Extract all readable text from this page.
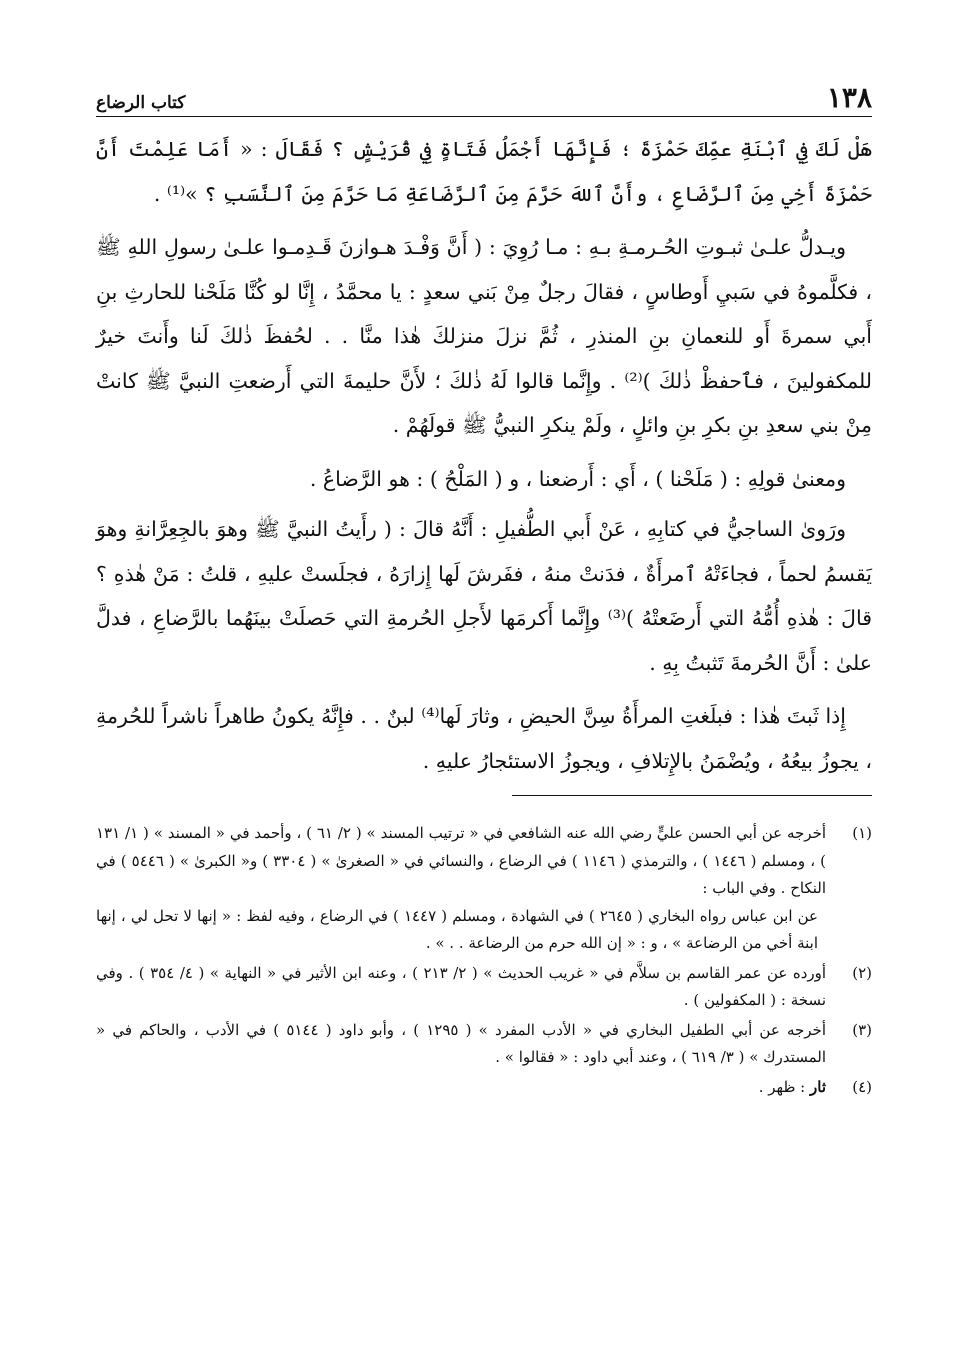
١٣٨
كتاب الرضاع

هَلْ لَكَ فِي ٱبْنَةِ عمِّكَ حَمْزَةَ ؛ فَإِنَّهَا أَجْمَلُ فَتَاةٍ فِي قُرَيْشٍ ؟ فَقَالَ : « أَمَا عَلِمْتَ أَنَّ حَمْزَةَ أَخِي مِنَ ٱلرَّضَاعِ ، وأَنَّ ٱللهَ حَرَّمَ مِنَ ٱلرَّضَاعَةِ مَا حَرَّمَ مِنَ ٱلنَّسَبِ ؟ »⁽¹⁾ .

ويـدلُّ علـىٰ ثبـوتِ الحُـرمـةِ بـهِ : مـا رُوِيَ : ( أَنَّ وَفْـدَ هـوازنَ قَـدِمـوا علـىٰ رسولِ اللهِ ﷺ ، فكلَّموهُ في سَبيِ أَوطاسٍ ، فقالَ رجلٌ مِنْ بَني سعدٍ : يا محمَّدُ ، إِنَّا لو كُنَّا مَلَحْنا للحارثِ بنِ أَبي سمرةَ أَو للنعمانِ بنِ المنذرِ ، ثُمَّ نزلَ منزلكَ هٰذا منَّا . . لحُفظَ ذٰلكَ لَنا وأَنتَ خيرٌ للمكفولينَ ، فٱحفظْ ذٰلكَ )⁽²⁾ . وإِنَّما قالوا لَهُ ذٰلكَ ؛ لأَنَّ حليمةَ التي أَرضعتِ النبيَّ ﷺ كانتْ مِنْ بني سعدِ بنِ بكرِ بنِ وائلٍ ، ولَمْ ينكرِ النبيُّ ﷺ قولَهُمْ .

ومعنىٰ قولِهِ : ( مَلَحْنا ) ، أَي : أَرضعنا ، و ( المَلْحُ ) : هو الرَّضاعُ .

ورَوىٰ الساجيُّ في كتابِهِ ، عَنْ أَبي الطُّفيلِ : أَنَّهُ قالَ : ( رأَيتُ النبيَّ ﷺ وهوَ بالجِعِرَّانةِ وهوَ يَقسمُ لحماً ، فجاءَتْهُ ٱمرأَةٌ ، فدَنتْ منهُ ، ففَرشَ لَها إِزارَهُ ، فجلَستْ عليهِ ، قلتُ : مَنْ هٰذهِ ؟ قالَ : هٰذهِ أُمُّهُ التي أَرضَعتْهُ )⁽³⁾ وإِنَّما أَكرمَها لأَجلِ الحُرمةِ التي حَصلَتْ بينَهُما بالرَّضاعِ ، فدلَّ علىٰ : أَنَّ الحُرمةَ تَثبتُ بِهِ .

إِذا ثَبتَ هٰذا : فبلَغتِ المرأَةُ سِنَّ الحيضِ ، وثارَ لَها⁽⁴⁾ لبنٌ . . فإِنَّهُ يكونُ طاهراً ناشراً للحُرمةِ ، يجوزُ بيعُهُ ، ويُضْمَنُ بالإِتلافِ ، ويجوزُ الاستئجارُ عليهِ .

(١)
أخرجه عن أبي الحسن عليٍّ رضي الله عنه الشافعي في « ترتيب المسند » ( ٢/ ٦١ ) ، وأحمد في « المسند » ( ١/ ١٣١ ) ، ومسلم ( ١٤٤٦ ) ، والترمذي ( ١١٤٦ ) في الرضاع ، والنسائي في « الصغرىٰ » ( ٣٣٠٤ ) و« الكبرىٰ » ( ٥٤٤٦ ) في النكاح . وفي الباب :
عن ابن عباس رواه البخاري ( ٢٦٤٥ ) في الشهادة ، ومسلم ( ١٤٤٧ ) في الرضاع ، وفيه لفظ : « إنها لا تحل لي ، إنها ابنة أخي من الرضاعة » ، و : « إن الله حرم من الرضاعة . . » .
(٢)
أورده عن عمر القاسم بن سلاَّم في « غريب الحديث » ( ٢/ ٢١٣ ) ، وعنه ابن الأثير في « النهاية » ( ٤/ ٣٥٤ ) . وفي نسخة : ( المكفولين ) .
(٣)
أخرجه عن أبي الطفيل البخاري في « الأدب المفرد » ( ١٢٩٥ ) ، وأبو داود ( ٥١٤٤ ) في الأدب ، والحاكم في « المستدرك » ( ٣/ ٦١٩ ) ، وعند أبي داود : « فقالوا » .
(٤)
ثار : ظهر .
